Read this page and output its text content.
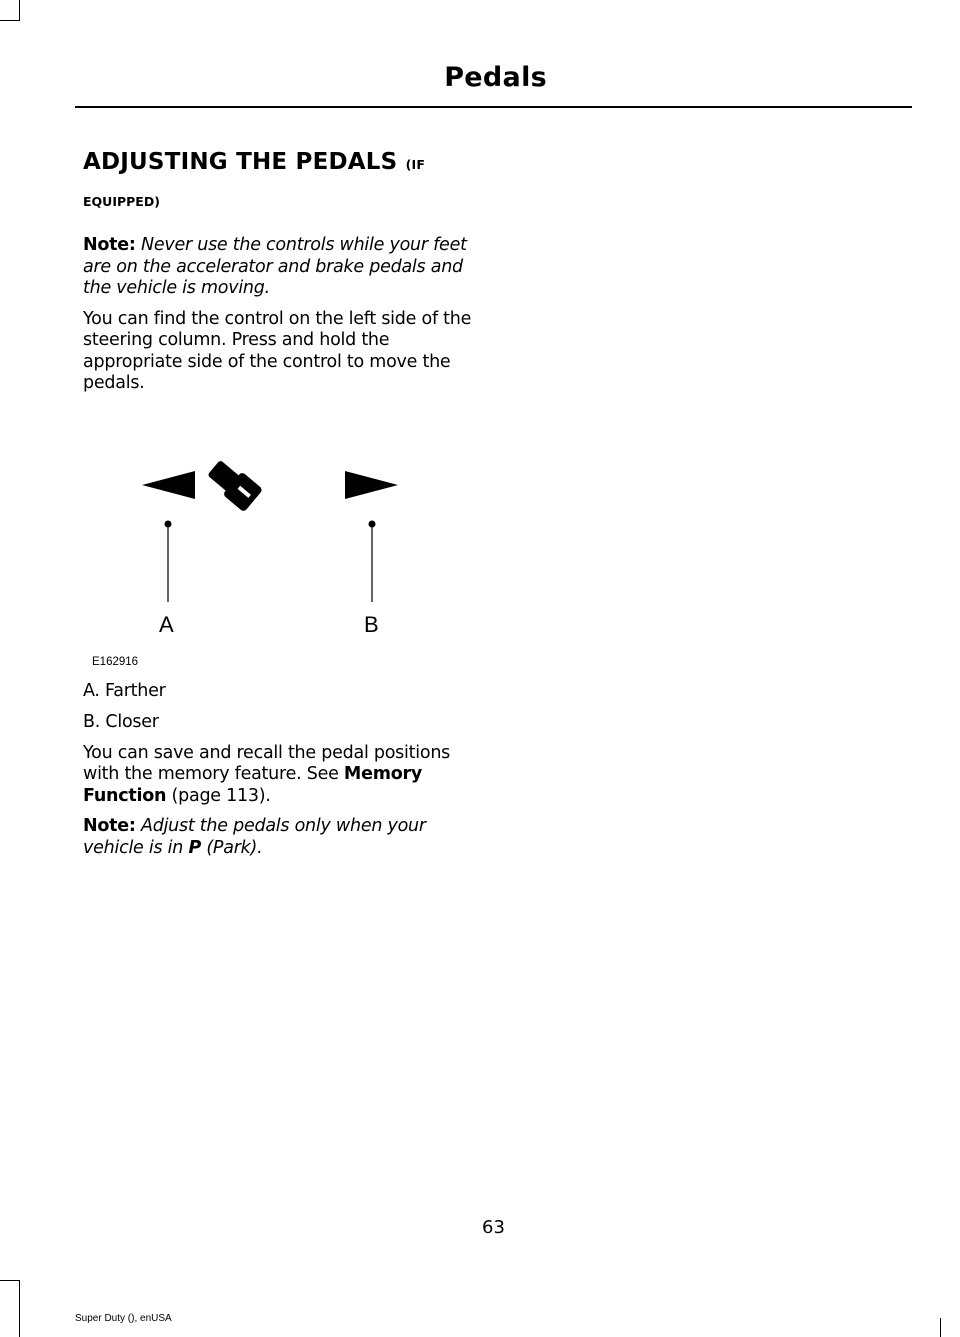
Pedals
ADJUSTING THE PEDALS (IF
EQUIPPED)

Note: Never use the controls while your feet are on the accelerator and brake pedals and the vehicle is moving.

You can find the control on the left side of the steering column. Press and hold the appropriate side of the control to move the pedals.

A	B
E162916

A. Farther

B. Closer

You can save and recall the pedal positions with the memory feature. See Memory Function (page 113).

Note: Adjust the pedals only when your vehicle is in P (Park).

63
Super Duty (), enUSA
